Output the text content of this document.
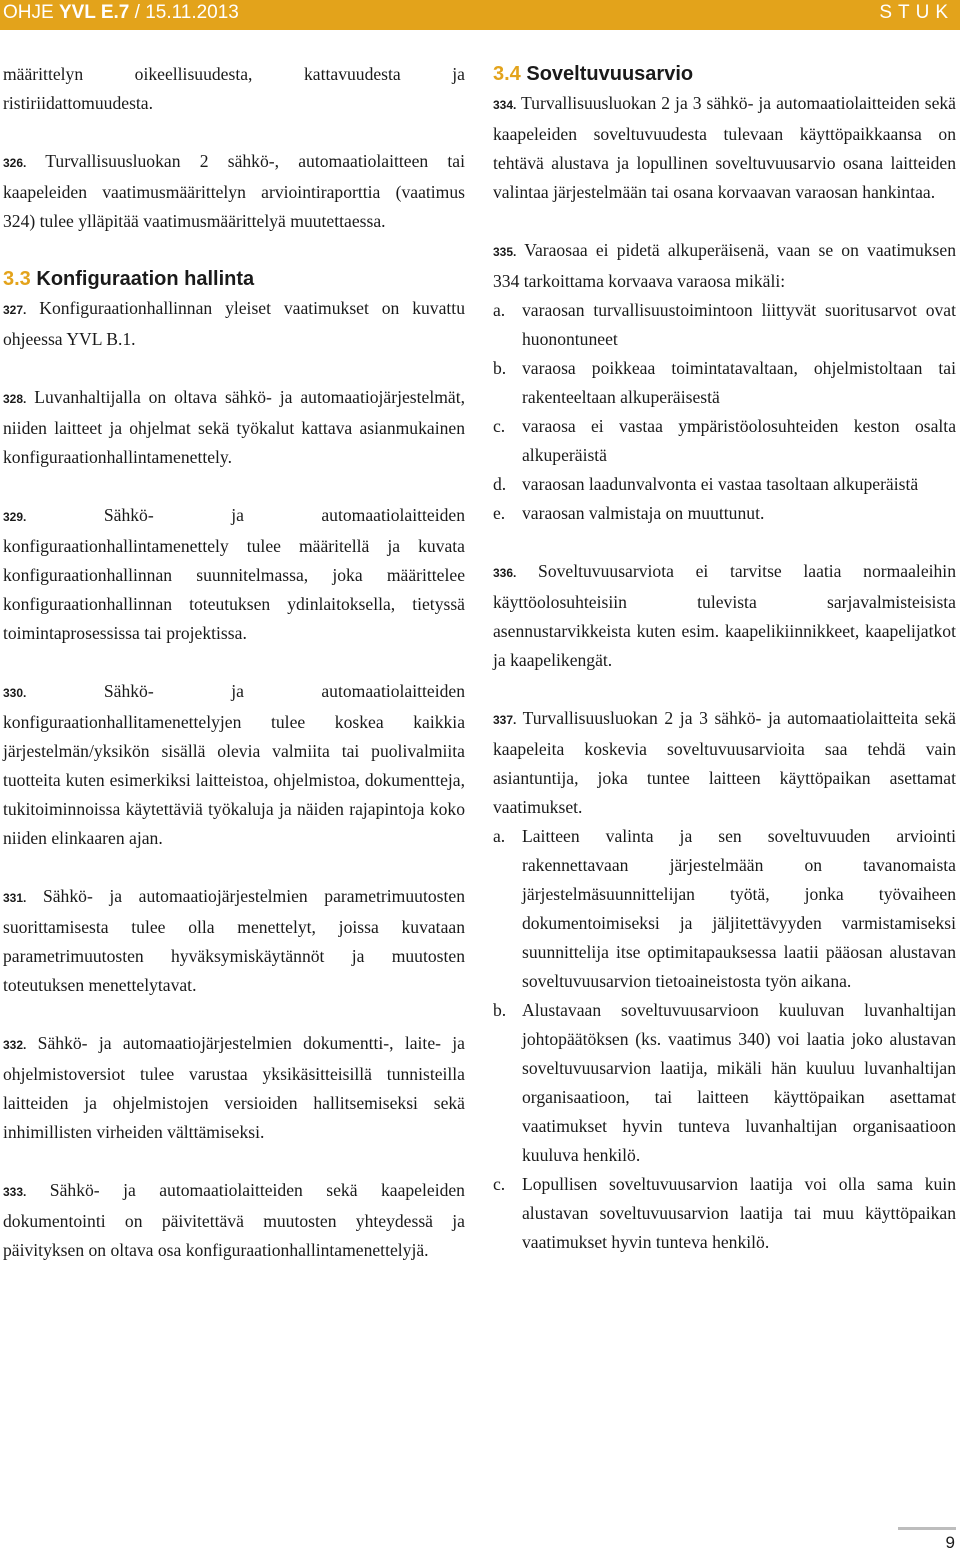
OHJE YVL E.7 / 15.11.2013	STUK

määrittelyn oikeellisuudesta, kattavuudesta ja ristiriidattomuudesta.

326. Turvallisuusluokan 2 sähkö-, automaatiolaitteen tai kaapeleiden vaatimusmäärittelyn arviointiraporttia (vaatimus 324) tulee ylläpitää vaatimusmäärittelyä muutettaessa.

3.3 Konfiguraation hallinta

327. Konfiguraationhallinnan yleiset vaatimukset on kuvattu ohjeessa YVL B.1.

328. Luvanhaltijalla on oltava sähkö- ja automaatiojärjestelmät, niiden laitteet ja ohjelmat sekä työkalut kattava asianmukainen konfiguraationhallintamenettely.

329.	Sähkö- ja automaatiolaitteiden konfiguraationhallintamenettely tulee määritellä ja kuvata konfiguraationhallinnan suunnitelmassa, joka määrittelee konfiguraationhallinnan toteutuksen ydinlaitoksella, tietyssä toimintaprosessissa tai projektissa.

330.	Sähkö- ja automaatiolaitteiden konfiguraationhallitamenettelyjen tulee koskea kaikkia järjestelmän/yksikön sisällä olevia valmiita tai puolivalmiita tuotteita kuten esimerkiksi laitteistoa, ohjelmistoa, dokumentteja, tukitoiminnoissa käytettäviä työkaluja ja näiden rajapintoja koko niiden elinkaaren ajan.

331. Sähkö- ja automaatiojärjestelmien parametrimuutosten suorittamisesta tulee olla menettelyt, joissa kuvataan parametrimuutosten hyväksymiskäytännöt ja muutosten toteutuksen menettelytavat.

332. Sähkö- ja automaatiojärjestelmien dokumentti-, laite- ja ohjelmistoversiot tulee varustaa yksikäsitteisillä tunnisteilla laitteiden ja ohjelmistojen versioiden hallitsemiseksi sekä inhimillisten virheiden välttämiseksi.

333. Sähkö- ja automaatiolaitteiden sekä kaapeleiden dokumentointi on päivitettävä muutosten yhteydessä ja päivityksen on oltava osa konfiguraationhallintamenettelyjä.

3.4 Soveltuvuusarvio

334. Turvallisuusluokan 2 ja 3 sähkö- ja automaatiolaitteiden sekä kaapeleiden soveltuvuudesta tulevaan käyttöpaikkaansa on tehtävä alustava ja lopullinen soveltuvuusarvio osana laitteiden valintaa järjestelmään tai osana korvaavan varaosan hankintaa.

335. Varaosaa ei pidetä alkuperäisenä, vaan se on vaatimuksen 334 tarkoittama korvaava varaosa mikäli:

a. varaosan turvallisuustoimintoon liittyvät suoritusarvot ovat huonontuneet
b. varaosa poikkeaa toimintatavaltaan, ohjelmistoltaan tai rakenteeltaan alkuperäisestä
c. varaosa ei vastaa ympäristöolosuhteiden keston osalta alkuperäistä
d. varaosan laadunvalvonta ei vastaa tasoltaan alkuperäistä
e. varaosan valmistaja on muuttunut.

336. Soveltuvuusarviota ei tarvitse laatia normaaleihin käyttöolosuhteisiin tulevista sarjavalmisteisista asennustarvikkeista kuten esim. kaapelikiinnikkeet, kaapelijatkot ja kaapelikengät.

337. Turvallisuusluokan 2 ja 3 sähkö- ja automaatiolaitteita sekä kaapeleita koskevia soveltuvuusarvioita saa tehdä vain asiantuntija, joka tuntee laitteen käyttöpaikan asettamat vaatimukset.

a. Laitteen valinta ja sen soveltuvuuden arviointi rakennettavaan järjestelmään on tavanomaista järjestelmäsuunnittelijan työtä, jonka työvaiheen dokumentoimiseksi ja jäljitettävyyden varmistamiseksi suunnittelija itse optimitapauksessa laatii pääosan alustavan soveltuvuusarvion tietoaineistosta työn aikana.
b. Alustavaan soveltuvuusarvioon kuuluvan luvanhaltijan johtopäätöksen (ks. vaatimus 340) voi laatia joko alustavan soveltuvuusarvion laatija, mikäli hän kuuluu luvanhaltijan organisaatioon, tai laitteen käyttöpaikan asettamat vaatimukset hyvin tunteva luvanhaltijan organisaatioon kuuluva henkilö.
c. Lopullisen soveltuvuusarvion laatija voi olla sama kuin alustavan soveltuvuusarvion laatija tai muu käyttöpaikan vaatimukset hyvin tunteva henkilö.
9
